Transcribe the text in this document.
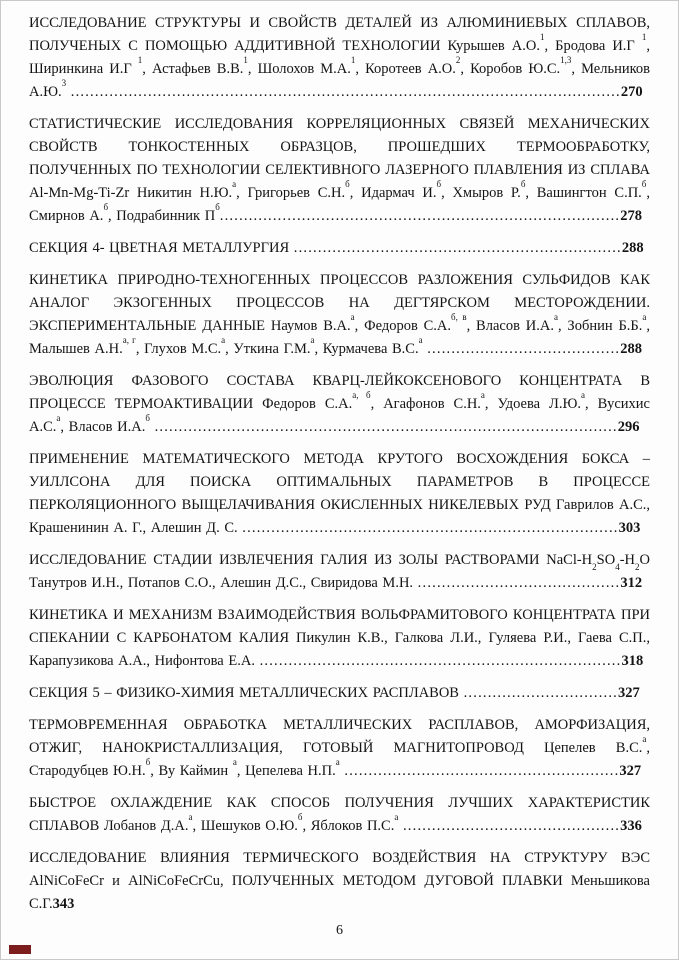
ИССЛЕДОВАНИЕ СТРУКТУРЫ И СВОЙСТВ ДЕТАЛЕЙ ИЗ АЛЮМИНИЕВЫХ СПЛАВОВ, ПОЛУЧЕНЫХ С ПОМОЩЬЮ АДДИТИВНОЙ ТЕХНОЛОГИИ Курышев А.О.$^1$, Бродова И.Г $^1$, Ширинкина И.Г $^1$, Астафьев В.В.$^1$, Шолохов М.А.$^1$, Коротеев А.О.$^2$, Коробов Ю.С.$^{1,3}$, Мельников А.Ю.$^3$ ..................................................................................................................270

СТАТИСТИЧЕСКИЕ ИССЛЕДОВАНИЯ КОРРЕЛЯЦИОННЫХ СВЯЗЕЙ МЕХАНИЧЕСКИХ СВОЙСТВ ТОНКОСТЕННЫХ ОБРАЗЦОВ, ПРОШЕДШИХ ТЕРМООБРАБОТКУ, ПОЛУЧЕННЫХ ПО ТЕХНОЛОГИИ СЕЛЕКТИВНОГО ЛАЗЕРНОГО ПЛАВЛЕНИЯ ИЗ СПЛАВА Al-Mn-Mg-Ti-Zr Никитин Н.Ю.$^а$, Григорьев С.Н.$^б$, Идармач И.$^б$, Хмыров Р.$^б$, Вашингтон С.П.$^б$, Смирнов А.$^б$, Подрабинник $П^б...................................................................................278$

СЕКЦИЯ 4- ЦВЕТНАЯ МЕТАЛЛУРГИЯ ....................................................................288

КИНЕТИКА ПРИРОДНО-ТЕХНОГЕННЫХ ПРОЦЕССОВ РАЗЛОЖЕНИЯ СУЛЬФИДОВ КАК АНАЛОГ ЭКЗОГЕННЫХ ПРОЦЕССОВ НА ДЕГТЯРСКОМ МЕСТОРОЖДЕНИИ. ЭКСПЕРИМЕНТАЛЬНЫЕ ДАННЫЕ Наумов В.А.$^а$, Федоров С.А.$^{б, в}$, Власов И.А.$^а$, Зобнин Б.Б.$^а$, Малышев А.Н.$^{а, г}$, Глухов М.С.$^а$, Уткина Г.М.$^а$, Курмачева В.С.$^а$ ........................................288

ЭВОЛЮЦИЯ ФАЗОВОГО СОСТАВА КВАРЦ-ЛЕЙКОКСЕНОВОГО КОНЦЕНТРАТА В ПРОЦЕССЕ ТЕРМОАКТИВАЦИИ Федоров С.А.$^{а, б}$, Агафонов С.Н.$^а$, Удоева Л.Ю.$^а$, Вусихис А.С.$^а$, Власов И.А.$^б$ ................................................................................................296

ПРИМЕНЕНИЕ МАТЕМАТИЧЕСКОГО МЕТОДА КРУТОГО ВОСХОЖДЕНИЯ БОКСА – УИЛЛСОНА ДЛЯ ПОИСКА ОПТИМАЛЬНЫХ ПАРАМЕТРОВ В ПРОЦЕССЕ ПЕРКОЛЯЦИОННОГО ВЫЩЕЛАЧИВАНИЯ ОКИСЛЕННЫХ НИКЕЛЕВЫХ РУД Гаврилов А.С., Крашенинин А. Г., Алешин Д. С. ..............................................................................303

ИССЛЕДОВАНИЕ СТАДИИ ИЗВЛЕЧЕНИЯ ГАЛИЯ ИЗ ЗОЛЫ РАСТВОРАМИ NaCl-$H_2SO_4-H_2O$ Танутров И.Н., Потапов С.О., Алешин Д.С., Свиридова М.Н. ..........................................312

КИНЕТИКА И МЕХАНИЗМ ВЗАИМОДЕЙСТВИЯ ВОЛЬФРАМИТОВОГО КОНЦЕНТРАТА ПРИ СПЕКАНИИ С КАРБОНАТОМ КАЛИЯ Пикулин К.В., Галкова Л.И., Гуляева Р.И., Гаева С.П., Карапузикова А.А., Нифонтова Е.А. ...........................................................................318

СЕКЦИЯ 5 – ФИЗИКО-ХИМИЯ МЕТАЛЛИЧЕСКИХ РАСПЛАВОВ ................................327

ТЕРМОВРЕМЕННАЯ ОБРАБОТКА МЕТАЛЛИЧЕСКИХ РАСПЛАВОВ, АМОРФИЗАЦИЯ, ОТЖИГ, НАНОКРИСТАЛЛИЗАЦИЯ, ГОТОВЫЙ МАГНИТОПРОВОД Цепелев В.С.$^а$, Стародубцев Ю.Н.$^б$, Ву Каймин $^а$, Цепелева Н.П.$^а$ .........................................................327

БЫСТРОЕ ОХЛАЖДЕНИЕ КАК СПОСОБ ПОЛУЧЕНИЯ ЛУЧШИХ ХАРАКТЕРИСТИК СПЛАВОВ Лобанов Д.А.$^а$, Шешуков О.Ю.$^б$, Яблоков П.С.$^а$ .............................................336

ИССЛЕДОВАНИЕ ВЛИЯНИЯ ТЕРМИЧЕСКОГО ВОЗДЕЙСТВИЯ НА СТРУКТУРУ ВЭС AlNiCoFeCr и AlNiCoFeCrCu, ПОЛУЧЕННЫХ МЕТОДОМ ДУГОВОЙ ПЛАВКИ Меньшикова С.Г.343

6
